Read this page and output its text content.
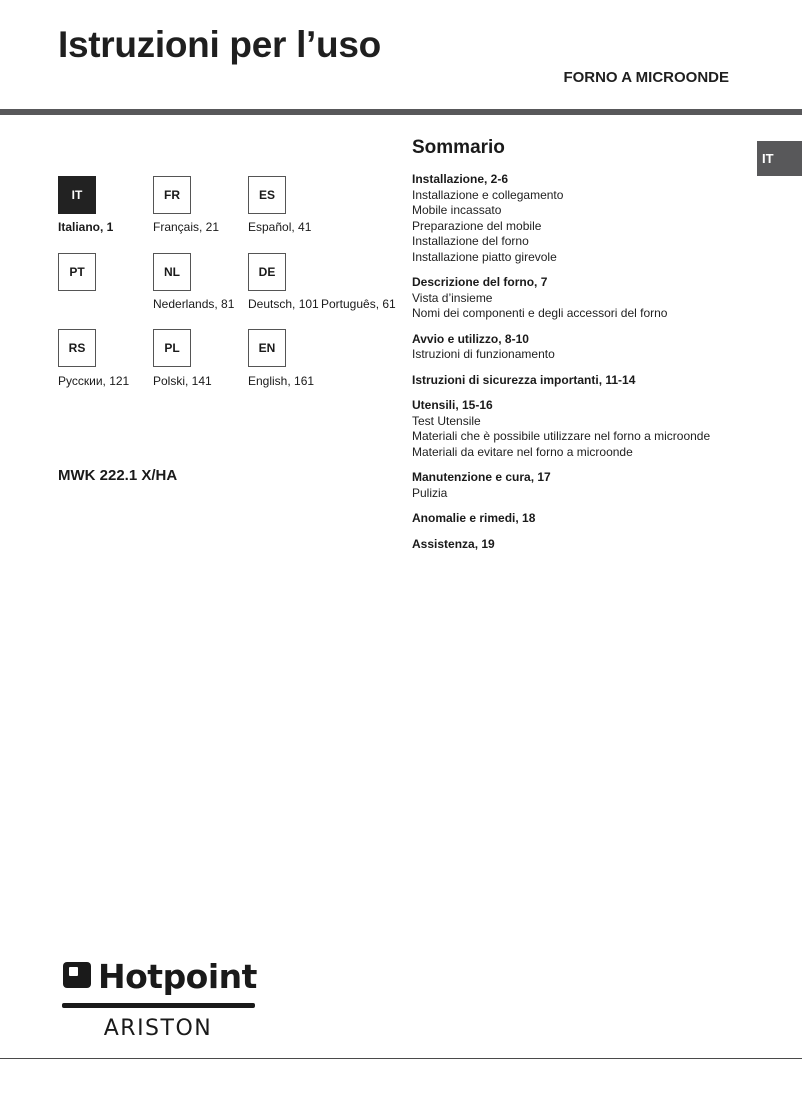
Istruzioni per l’uso
FORNO A MICROONDE
IT
IT
Italiano, 1
FR
Français, 21
ES
Español, 41
PT	NL
Nederlands, 81
DE
Deutsch, 101 Português, 61
RS
Русскии, 121
PL
Polski, 141
EN
English, 161
MWK 222.1 X/HA
Sommario
Installazione, 2-6
Installazione e collegamento
Mobile incassato
Preparazione del mobile
Installazione del forno
Installazione piatto girevole
Descrizione del forno, 7
Vista d’insieme
Nomi dei componenti e degli accessori del forno
Avvio e utilizzo, 8-10
Istruzioni di funzionamento
Istruzioni di sicurezza importanti, 11-14
Utensili, 15-16
Test Utensile
Materiali che è possibile utilizzare nel forno a microonde
Materiali da evitare nel forno a microonde
Manutenzione e cura, 17
Pulizia
Anomalie e rimedi, 18
Assistenza, 19
Hotpoint
ARISTON
